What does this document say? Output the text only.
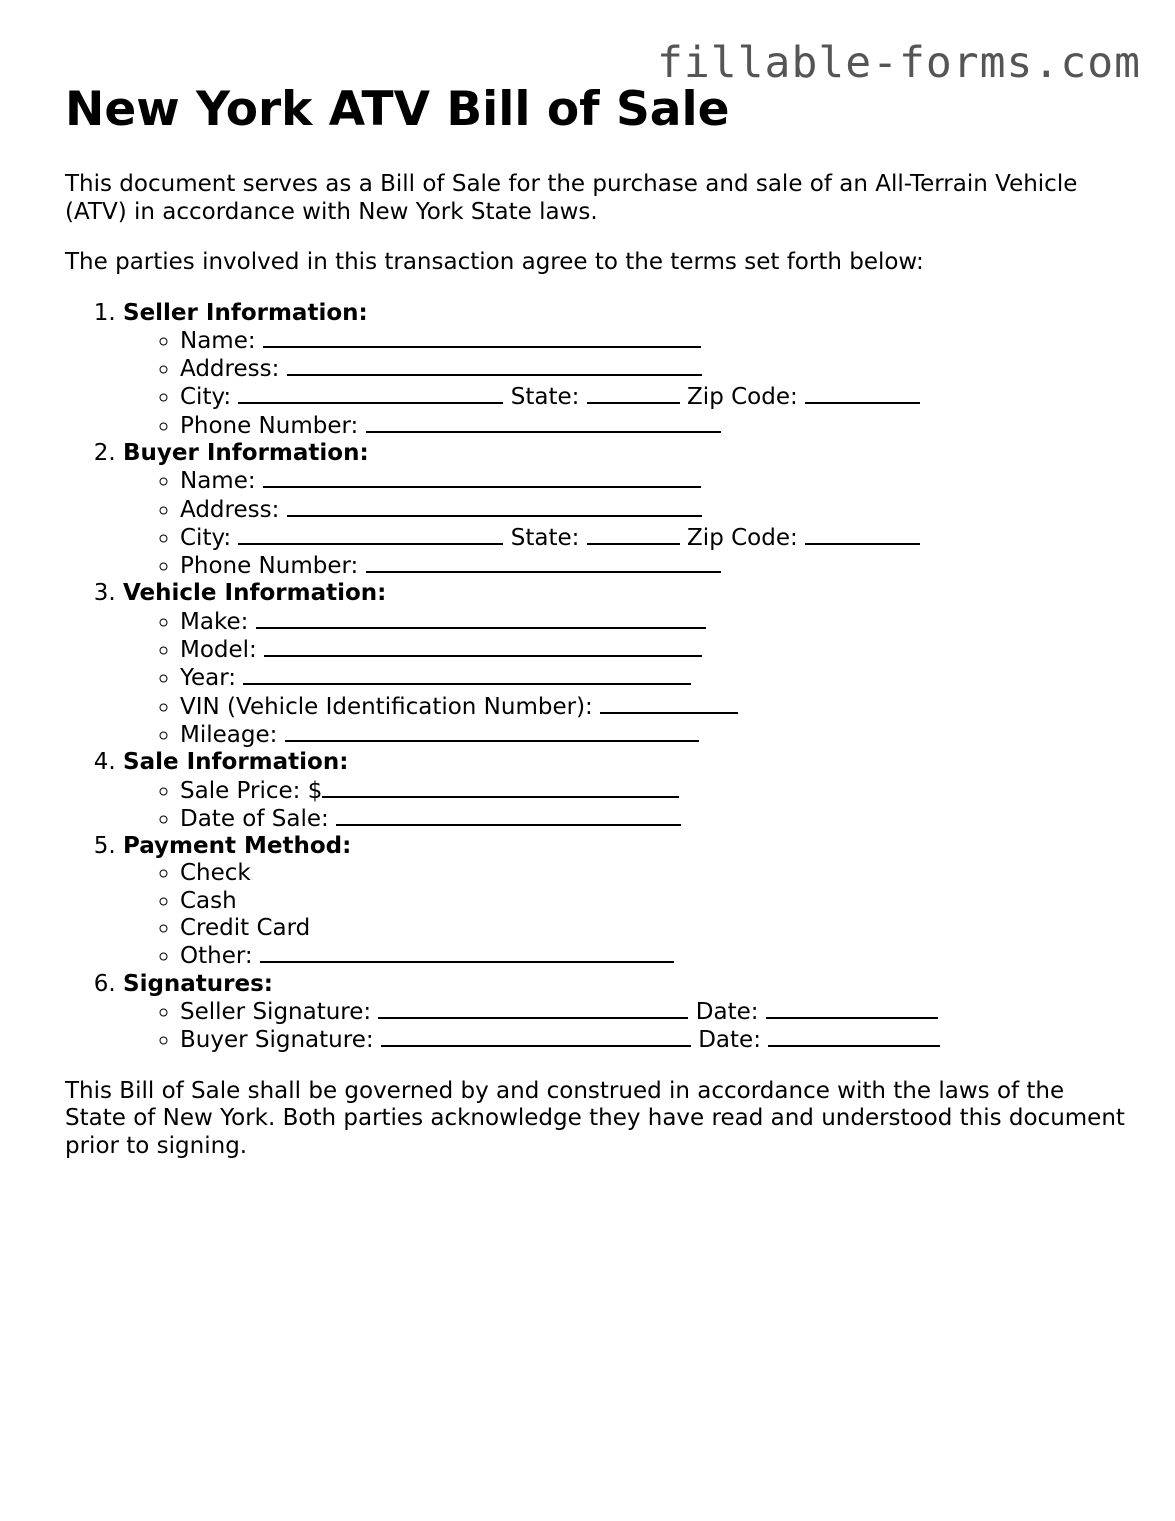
fillable-forms.com
New York ATV Bill of Sale

This document serves as a Bill of Sale for the purchase and sale of an All-Terrain Vehicle (ATV) in accordance with New York State laws.

The parties involved in this transaction agree to the terms set forth below:

1. Seller Information:
◦ Name:
◦ Address:
◦ City:	State:	Zip Code:
◦ Phone Number:
2. Buyer Information:
◦ Name:
◦ Address:
◦ City:	State:	Zip Code:
◦ Phone Number:
3. Vehicle Information:
◦ Make:
◦ Model:
◦ Year:
◦ VIN (Vehicle Identification Number):
◦ Mileage:
4. Sale Information:
◦ Sale Price: $
◦ Date of Sale:
5. Payment Method:
◦ Check
◦ Cash
◦ Credit Card
◦ Other:
6. Signatures:
◦ Seller Signature:	Date:
◦ Buyer Signature:	Date:

This Bill of Sale shall be governed by and construed in accordance with the laws of the State of New York. Both parties acknowledge they have read and understood this document prior to signing.
